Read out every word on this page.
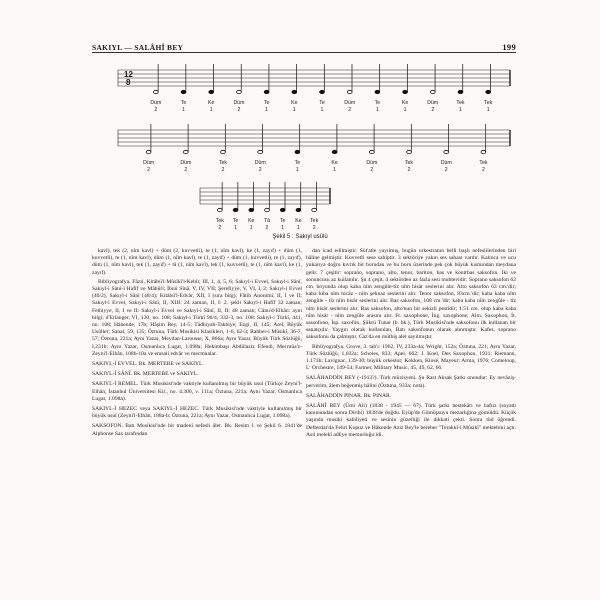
SAKIYL — SALÂHÎ BEY	199
12
8
Düm
2
Te
1
Ke
1
Düm
2
Te
1
Ke
1
Te
1
Düm
2
Te
1
Ke
1
Düm
2
Tek
1
Tek
1
Düm
2
Düm
2
Tek
2
Düm
2
Te
1
Ke
1
Düm
2
Tek
2
Düm
2
Tek
2
Tek
2
Te
1
Ke
1
Tâ
2
Te
1
Ke
1
Tek
2
Şekil 5 : Sakıyl usûlü

kavl), tek (2, nîm kavl) + düm (2, kuvvetli), te (1, nîm kavl), ke (1, zayıf) + düm (1, kuvvetli), te (1, nîm kavl), düm (1, nîm kavl), te (1, zayıf) + düm (1, kuvvetli), te (1, zayıf), düm (1, nîm kavl), tek (1, zayıf) + tâ (1, nîm kavl), tek (1, kuvvetli), te (1, nîm kavl), ke (1, zayıf).

Bibliyografya. Fâzıl, Kitâbü'l-Mûsîkî'l-Kebîr, III, 1, 4, 5, 6; Sakıyl-i Evvel, Sakıyl-i Sânî, Sakıyl-i Sânî-i Hafîf ve Mâhûrî; İbnü Sînâ, V, IV, VII; Şerefiyye, V, VI, I, 2; Sakıyl-i Evvel (40/2), Sakıyl-i Sânî (48/4); Kitâbü'l-Edvâr, XII, I (sıra bilg); Fâtih Anonimi, II, I ve II; Sakıyl-i Evvel, Sakıyl-i Sânî, II, XIII: 24 zaman, II, I: 2. şekli Sakıyl-i Hafîf 32 zaman; Fethiyye, II, I ve II: Sakıyl-i Evvel ve Sakıyl-i Sânî, II, II: 48 zaman; Cânu'd-Elhân: aynı bilgi; d'Erlanger, VI, 130, no. 108; Sakıyl-i Türkî 96/4, 332-3, no. 108: Sakıyl-i Türkî, 441, no. 108; Hânende, 17b; Hâşim Bey, 14-5; Tâdhiyah-Takhiye; Ezgi, II, 145; Arel, Büyük Usûller; Sanal, 59, 135; Öztuna, Türk Musikisi Klasikleri, 1-6, 62-3; Rahber-i Mûsikî, 36-7, 57; Öztuna, 221a; Aynı Yazar, Meydan-Larousse, X, 866a; Aynı Yazar, Büyük Türk Sözlüğü, I,231b; Aynı Yazar, Osmanlıca Lugat, 1.098a; Hekimbaşı Abdülaziz Efendi, Mecmûa'z-Zeyni'l-Elhân, 108b-10a ve emsali edvâr ve mecmualar.

SAKIYL-İ EVVEL. Bk. MERTEBE ve SAKIYL.

SAKIYL-İ SÂNÎ. Bk. MERTEBE ve SAKIYL.

SAKIYL-İ REMEL. Türk Musikisi'nde vaktiyle kullanılmış bir büyük usul (Türkçe Zeyni'l-Elhân, İstanbul Üniversitesi Kit., no. 4.300, v. 111a; Öztuna, 221a; Aynı Yazar, Osmanlıca Lugat, 1.098a).

SAKIYL-İ HEZEC veya SAKIYL-İ HEZEC. Türk Musikisi'nde vaktiyle kullanılmış bir büyük usul (Zeyni'l-Elhân, 108a-b; Öztuna, 221a; Aynı Yazar, Osmanlıca Lugat, 1.098a).

SAKSOFON. Batı Musikisi'nde bir madenî nefesli âlet. Bk. Resim 1 ve Şekil 6. 1841'de Alphonse Sax tarafından

dan icad edilmiştir. Süt'atle yayılmış, bugün orkestranın belli başlı nefeslilerinden biri hâline gelmiştir. Kuvvetli sese sahiptir. 3 sektöriye yakın ses sahası vardır. Kalınca ve ucu yukarıya doğru kıvrık bir borudan ve bu boru üzerinde pek çok büyük kısmından meydana gelir. 7 çeşitir: soprano, soprano, alto, tenor, bariton, bas ve kontrbas saksofon. İki ve sonuncusu az kullanılır. Şu 4 çeşit, 4 sektörden az fazla sesi muhtevidir: Soprano saksofon 62 cm. boyunda olup kaba nîm zengûle-tîz nîm hisâr seslerini alır. Alto saksofon 63 cm.'dir; kaba hiba nîm hicâz - nîm şehnaz seslerini alır. Tenor saksofon, 83cm.'dir; kaba kaba nîm zengûle - tîz nîm hisâr seslerini alır. Bas saksofon, 108 cm.'dir; kaba kaba nîm zengûle - tîz nîm hisâr seslerini alır. Bas saksofon, alto'nun bir sekizli pestidir; 1.51 cm. olup kaba kaba nîm hisâr - nîm zengûle arasını alır. Fr. saxophone, İng. saxophone, Alm. Saxophon, İt. sassofono, İsp. saxofón, Şükrü Tunar (b. bk.), Türk Musikisi'nde saksofonu ilk kullanan bir sanatçıdır. Yaygın olarak kullanılan, Batı saksofonun olarak alınmıştır. Kafes, soprano saksofonu da çalmıştır. Caz'da en müthiş alet sayılmıştır.

Bibliyografya. Grove, 3. tab'ı: 1962, IV, 233a-4a; Wright, 152a; Öztuna, 221; Aynı Yazar, Türk Sözlüğü, 1,032a; Scholes, 833; Apel, 662; J. Koel, Des Saxophon, 1931; Riemann, 1.173b; Lavignac, 139-30; büyük orkestor; Kokken, Klosé, Mayeur; Arma, 1976; Comeloup, L' Orchestre, 149-54; Farmer, Military Music, 45, 49, 62, 66.

SALÂHADDİN BEY (-1913?). Türk müzisyeni. Şu Rast Aksak Şarkı onundur: Ey nevâziş-perverim, âlem beğenmiş hâlini (Öztuna, 933a; nota).

SALÂHADDİN PINAR. Bk. PINAR.

SALÂHÎ BEY (Ümi Ali) (1838 - 1945 — 67). Türk şarkı bestekârı ve hafızı (soyadı kanunundan sonra Diribi) 1838'de doğdu. Eyüp'de Gümüşsuyu mezarlığına gömüldü. Küçük yaşında musiki kabiliyeti ve sesinin güzelliği ile dikkati çekti. Sonra tüd öğrendi. Defterdar'da Fehri Kopuz ve Hâkende Aziz Bey'le bereber "Terakkî-i Mûsikî" mektebini açtı. Asıl melekî adliye memurluğu idi.
